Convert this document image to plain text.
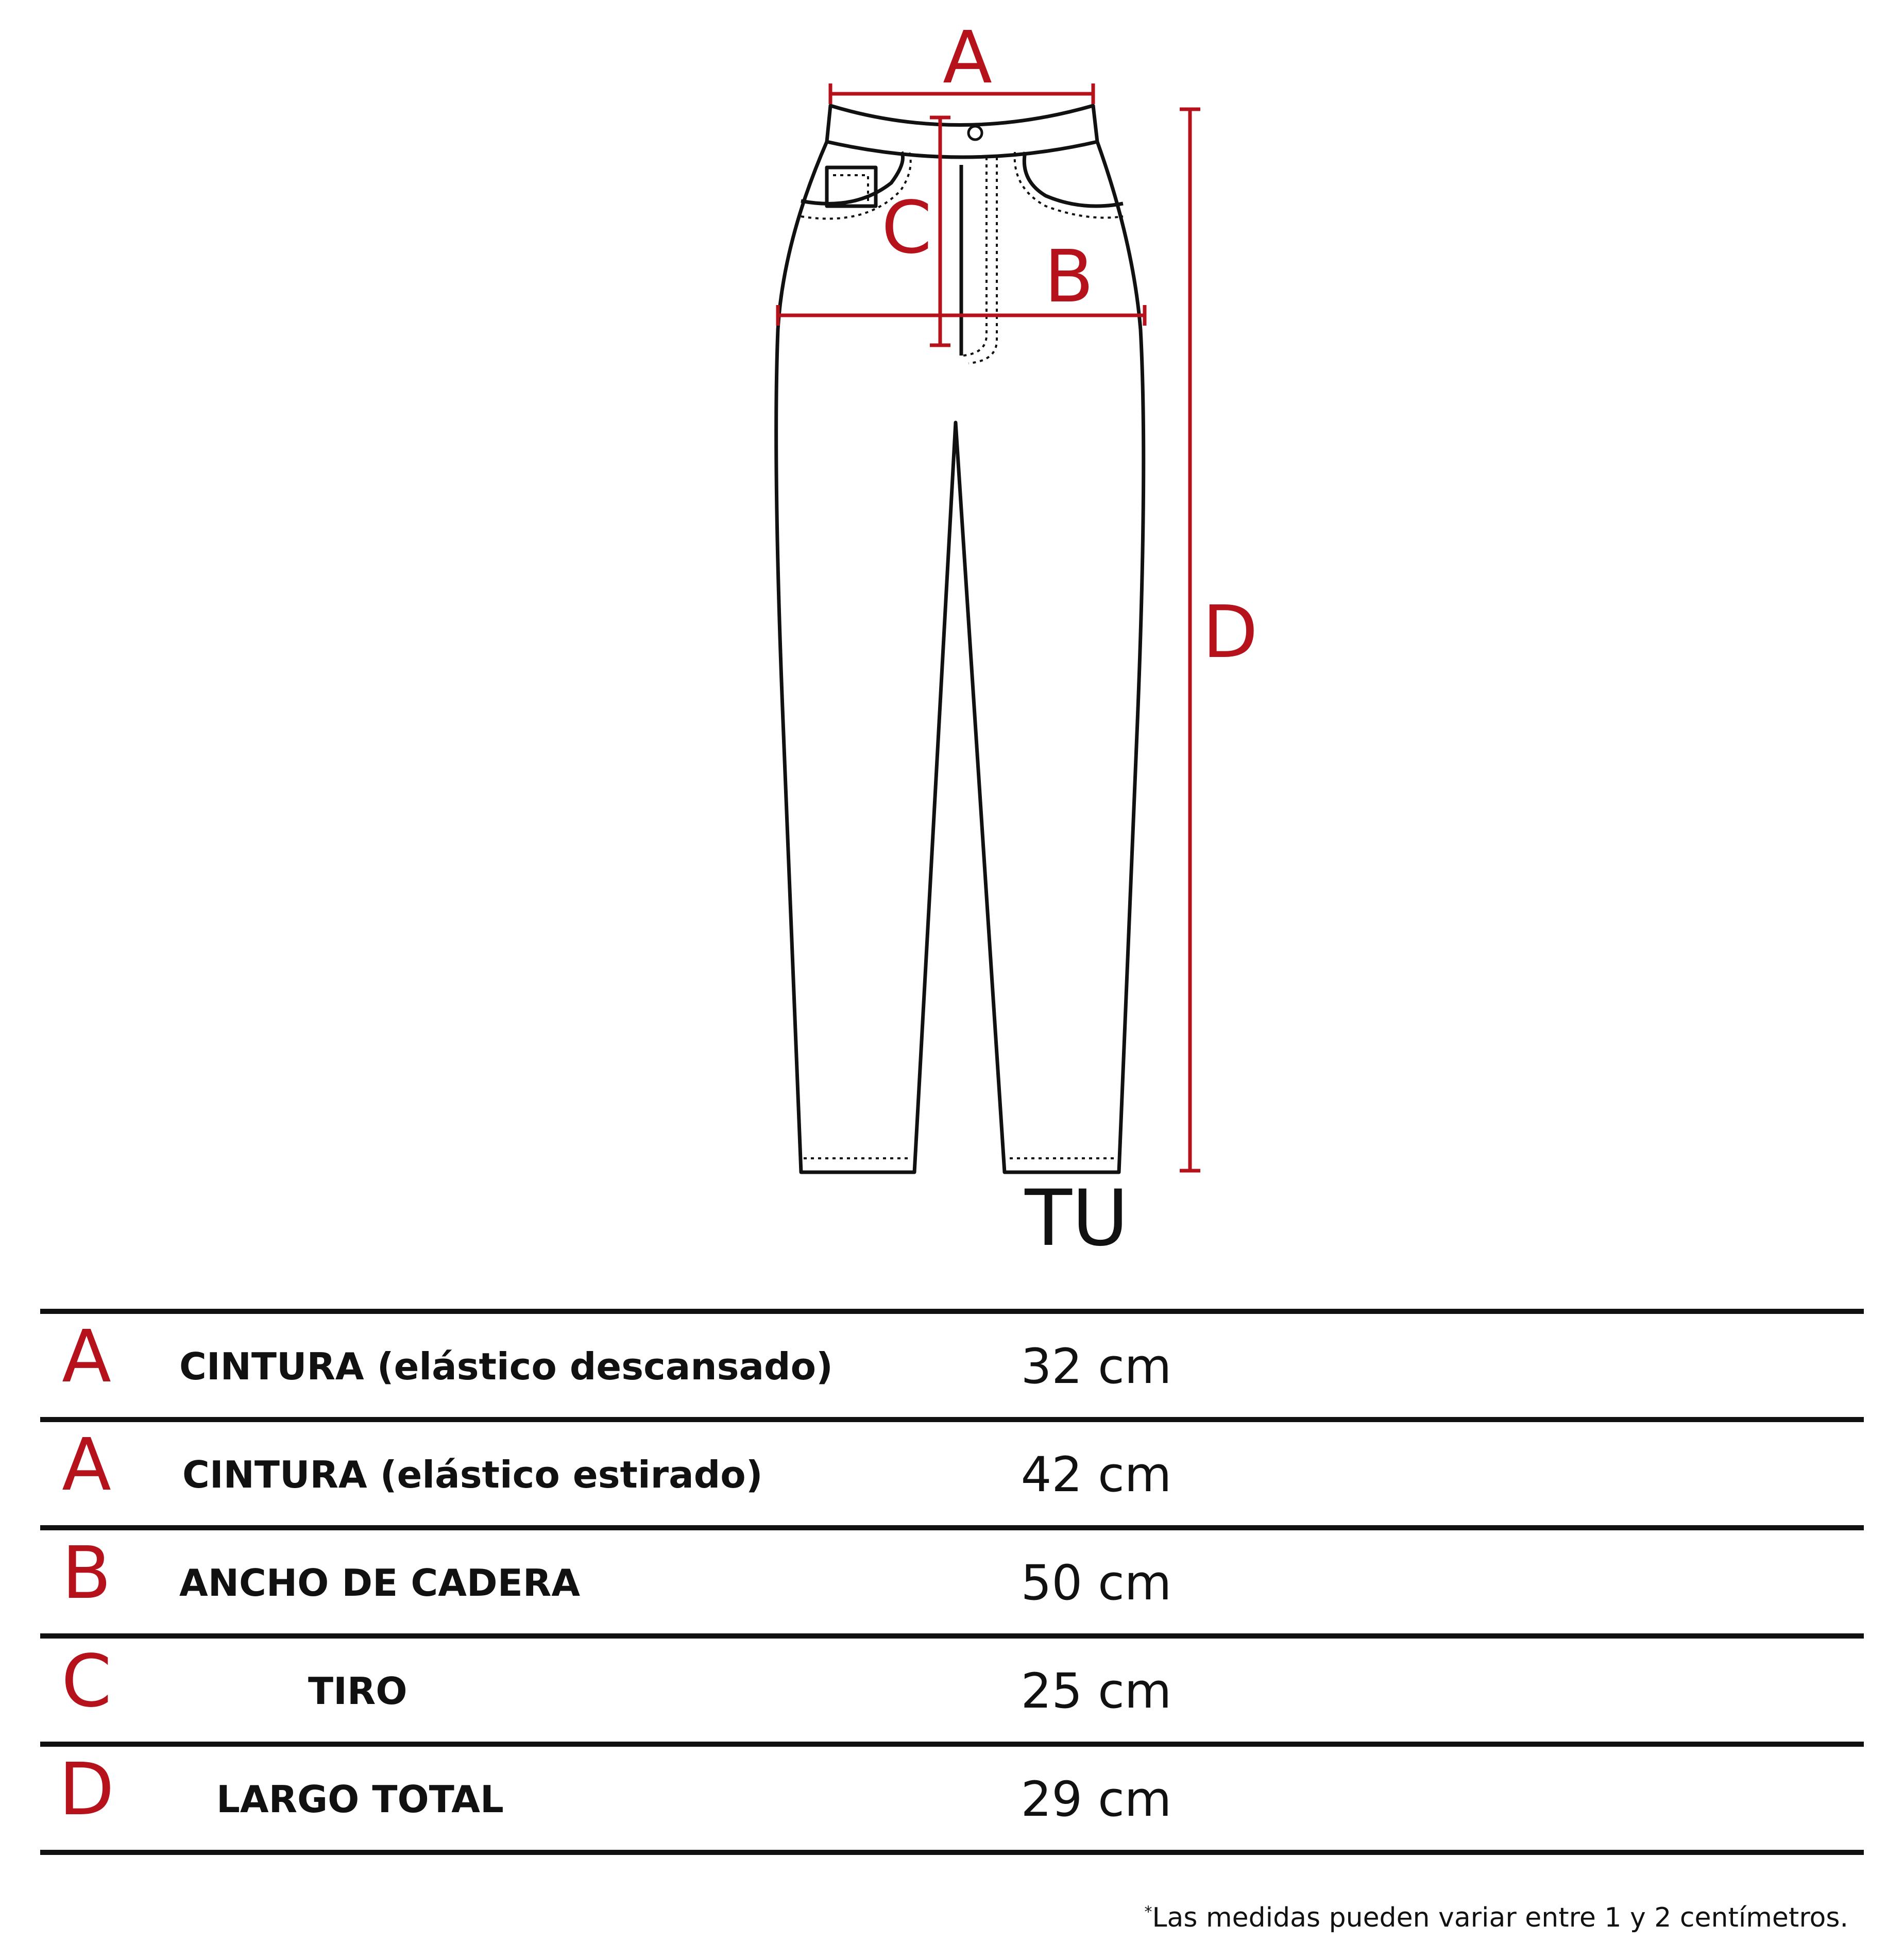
A
B
C
D
TU
A CINTURA (elástico descansado)	32 cm
A CINTURA (elástico estirado)	42 cm
B ANCHO DE CADERA	50 cm
C	TIRO	25 cm
D	LARGO TOTAL	29 cm
*Las medidas pueden variar entre 1 y 2 centímetros.
